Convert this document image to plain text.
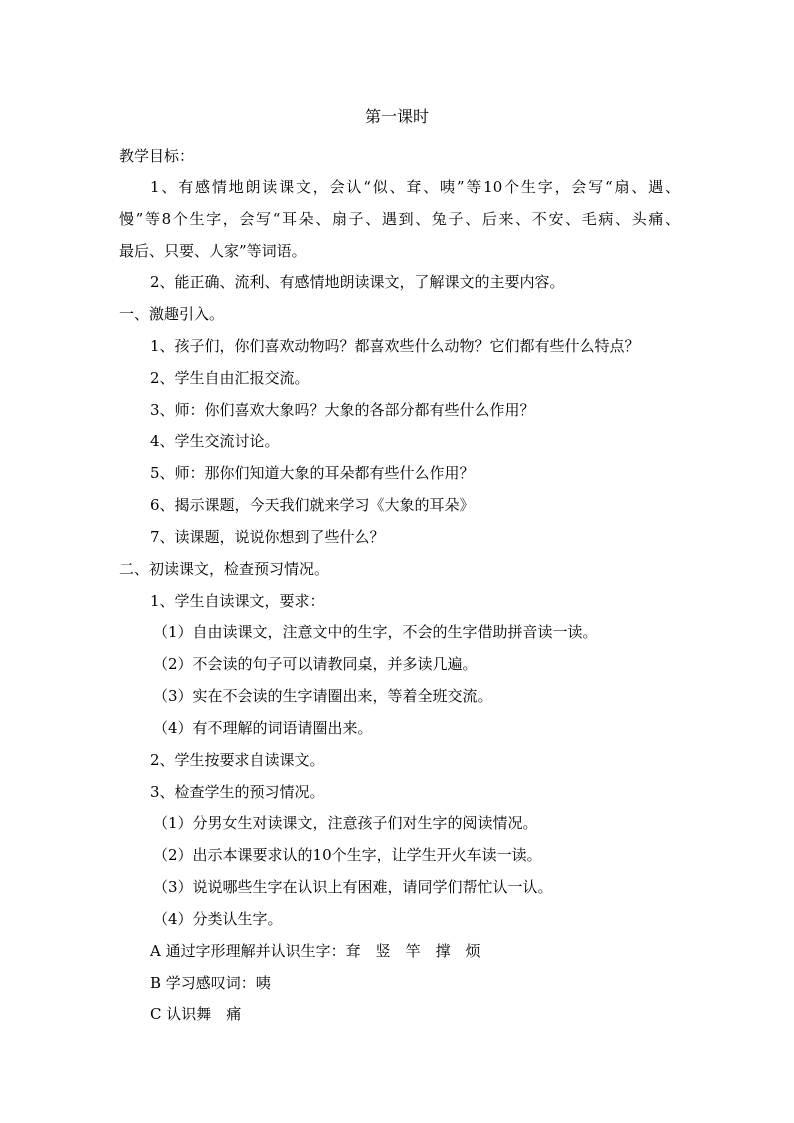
第一课时
教学目标：
1、有感情地朗读课文，会认“似、耷、咦”等10个生字，会写“扇、遇、
慢”等8个生字，会写“耳朵、扇子、遇到、兔子、后来、不安、毛病、头痛、
最后、只要、人家”等词语。
2、能正确、流利、有感情地朗读课文，了解课文的主要内容。
一、激趣引入。
1、孩子们，你们喜欢动物吗？都喜欢些什么动物？它们都有些什么特点？
2、学生自由汇报交流。
3、师：你们喜欢大象吗？大象的各部分都有些什么作用？
4、学生交流讨论。
5、师：那你们知道大象的耳朵都有些什么作用？
6、揭示课题，今天我们就来学习《大象的耳朵》
7、读课题，说说你想到了些什么？
二、初读课文，检查预习情况。
1、学生自读课文，要求：
（1）自由读课文，注意文中的生字，不会的生字借助拼音读一读。
（2）不会读的句子可以请教同桌，并多读几遍。
（3）实在不会读的生字请圈出来，等着全班交流。
（4）有不理解的词语请圈出来。
2、学生按要求自读课文。
3、检查学生的预习情况。
（1）分男女生对读课文，注意孩子们对生字的阅读情况。
（2）出示本课要求认的10个生字，让学生开火车读一读。
（3）说说哪些生字在认识上有困难，请同学们帮忙认一认。
（4）分类认生字。
A 通过字形理解并认识生字：耷　竖　竿　撑　烦
B 学习感叹词：咦
C 认识舞　痛
